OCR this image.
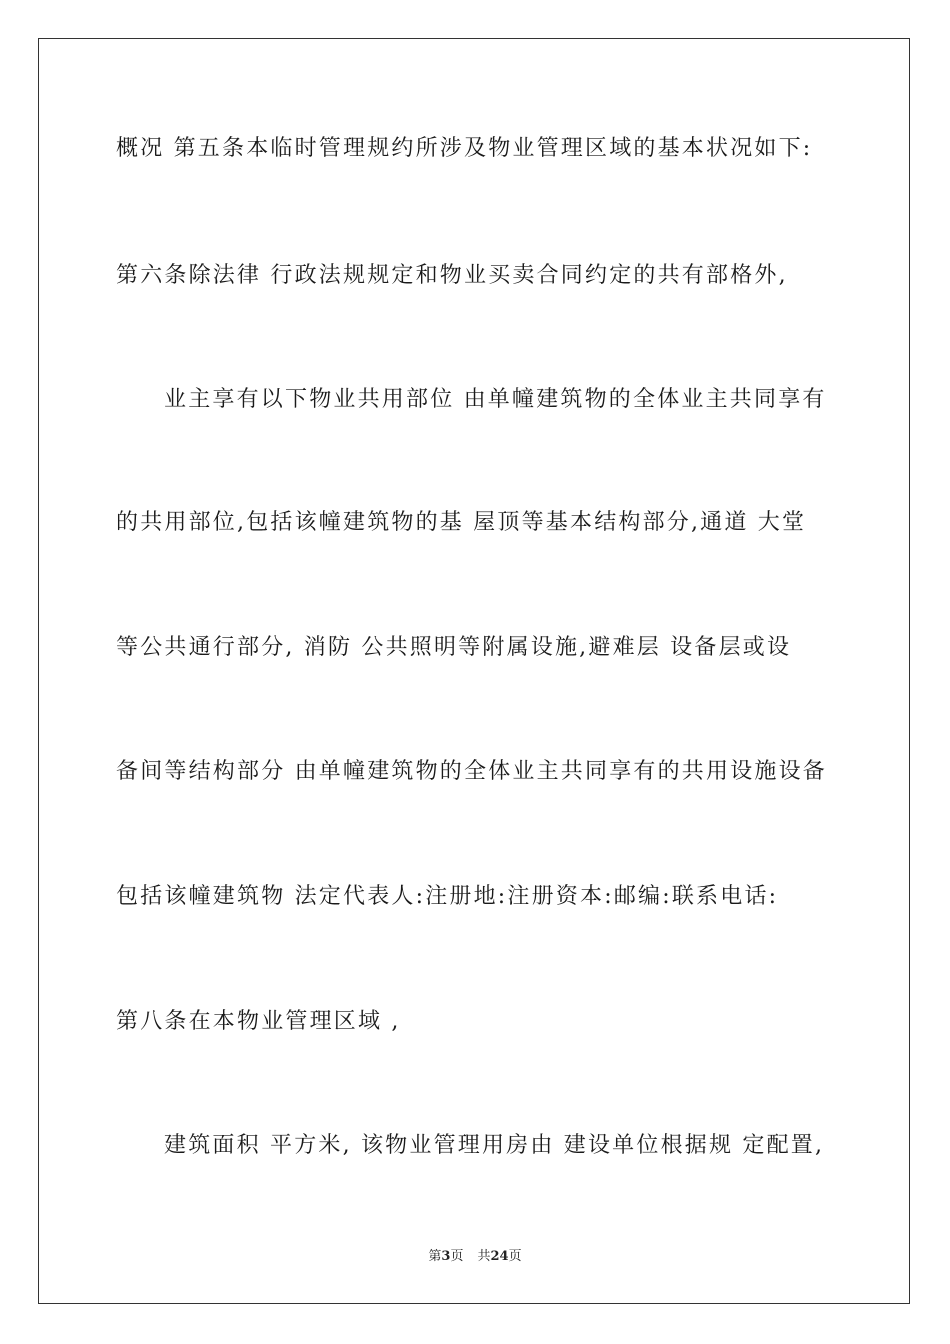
概况 第五条本临时管理规约所涉及物业管理区域的基本状况如下:
第六条除法律 行政法规规定和物业买卖合同约定的共有部格外,
业主享有以下物业共用部位 由单幢建筑物的全体业主共同享有
的共用部位,包括该幢建筑物的基 屋顶等基本结构部分,通道 大堂
等公共通行部分, 消防 公共照明等附属设施,避难层 设备层或设
备间等结构部分 由单幢建筑物的全体业主共同享有的共用设施设备
包括该幢建筑物 法定代表人:注册地:注册资本:邮编:联系电话:
第八条在本物业管理区域 ,
建筑面积 平方米, 该物业管理用房由 建设单位根据规 定配置,
第3页 共24页
